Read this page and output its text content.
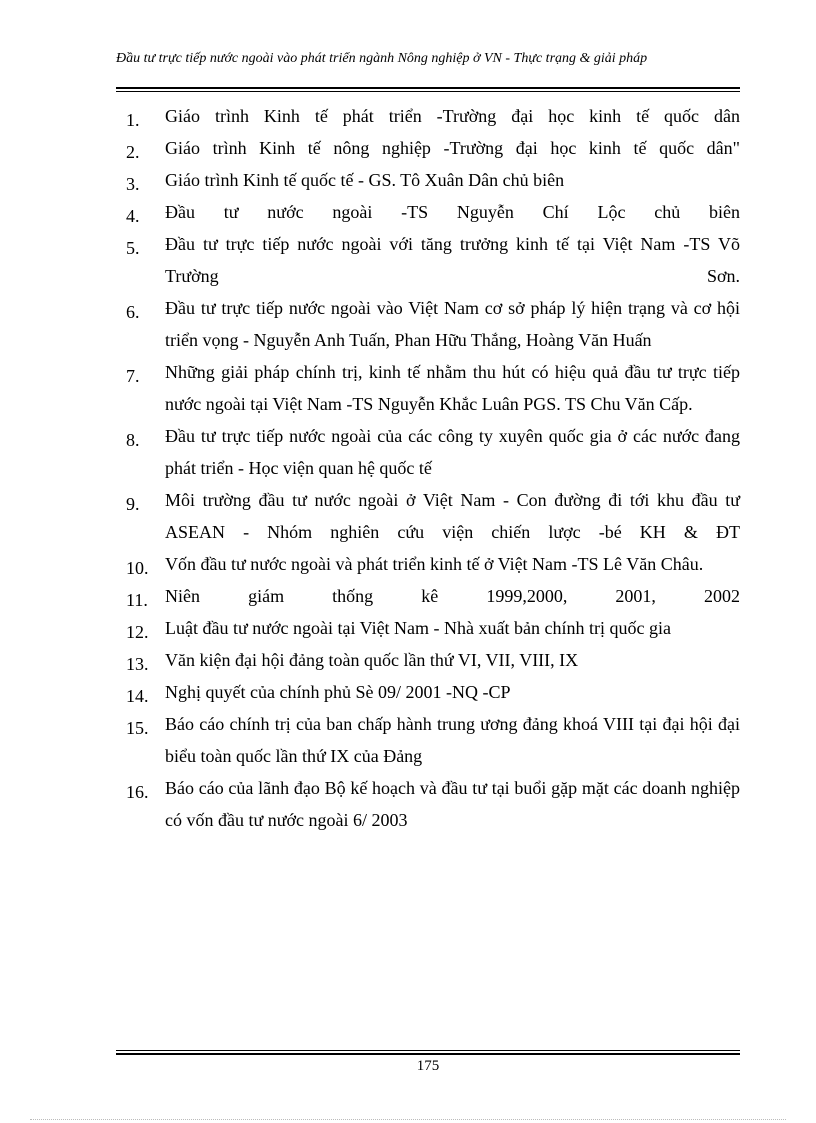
Đầu tư trực tiếp nước ngoài vào phát triển ngành Nông nghiệp ở VN - Thực trạng & giải pháp
1. Giáo trình Kinh tế phát triển -Trường đại học kinh tế quốc dân
2. Giáo trình Kinh tế nông nghiệp -Trường đại học kinh tế quốc dân"
3. Giáo trình Kinh tế quốc tế - GS. Tô Xuân Dân chủ biên
4. Đầu tư nước ngoài -TS Nguyễn Chí Lộc chủ biên
5. Đầu tư trực tiếp nước ngoài với tăng trưởng kinh tế tại Việt Nam -TS Võ Trường Sơn.
6. Đầu tư trực tiếp nước ngoài vào Việt Nam cơ sở pháp lý hiện trạng và cơ hội triển vọng - Nguyễn Anh Tuấn, Phan Hữu Thắng, Hoàng Văn Huấn
7. Những giải pháp chính trị, kinh tế nhằm thu hút có hiệu quả đầu tư trực tiếp nước ngoài tại Việt Nam -TS Nguyễn Khắc Luân PGS. TS Chu Văn Cấp.
8. Đầu tư trực tiếp nước ngoài của các công ty xuyên quốc gia ở các nước đang phát triển - Học viện quan hệ quốc tế
9. Môi trường đầu tư nước ngoài ở Việt Nam - Con đường đi tới khu đầu tư ASEAN - Nhóm nghiên cứu viện chiến lược -bé KH & ĐT
10. Vốn đầu tư nước ngoài và phát triển kinh tế ở Việt Nam -TS Lê Văn Châu.
11. Niên giám thống kê 1999,2000, 2001, 2002
12. Luật đầu tư nước ngoài tại Việt Nam - Nhà xuất bản chính trị quốc gia
13. Văn kiện đại hội đảng toàn quốc lần thứ VI, VII, VIII, IX
14. Nghị quyết của chính phủ Sè 09/ 2001 -NQ -CP
15. Báo cáo chính trị của ban chấp hành trung ương đảng khoá VIII tại đại hội đại biểu toàn quốc lần thứ IX của Đảng
16. Báo cáo của lãnh đạo Bộ kế hoạch và đầu tư tại buổi gặp mặt các doanh nghiệp có vốn đầu tư nước ngoài 6/ 2003
175
